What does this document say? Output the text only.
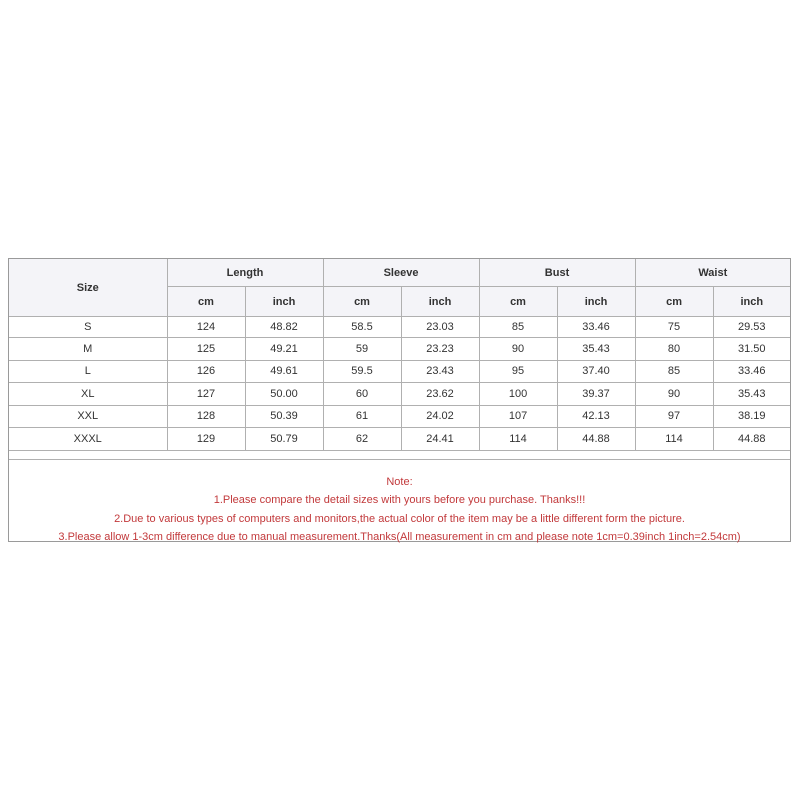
Size	Length		Sleeve		Bust		Waist	
	cm	inch	cm	inch	cm	inch	cm	inch
S	124	48.82	58.5	23.03	85	33.46	75	29.53
M	125	49.21	59	23.23	90	35.43	80	31.50
L	126	49.61	59.5	23.43	95	37.40	85	33.46
XL	127	50.00	60	23.62	100	39.37	90	35.43
XXL	128	50.39	61	24.02	107	42.13	97	38.19
XXXL	129	50.79	62	24.41	114	44.88	114	44.88
Note:
1.Please compare the detail sizes with yours before you purchase. Thanks!!!
2.Due to various types of computers and monitors,the actual color of the item may be a little different form the picture.
3.Please allow 1-3cm difference due to manual measurement.Thanks(All measurement in cm and please note 1cm=0.39inch 1inch=2.54cm)
